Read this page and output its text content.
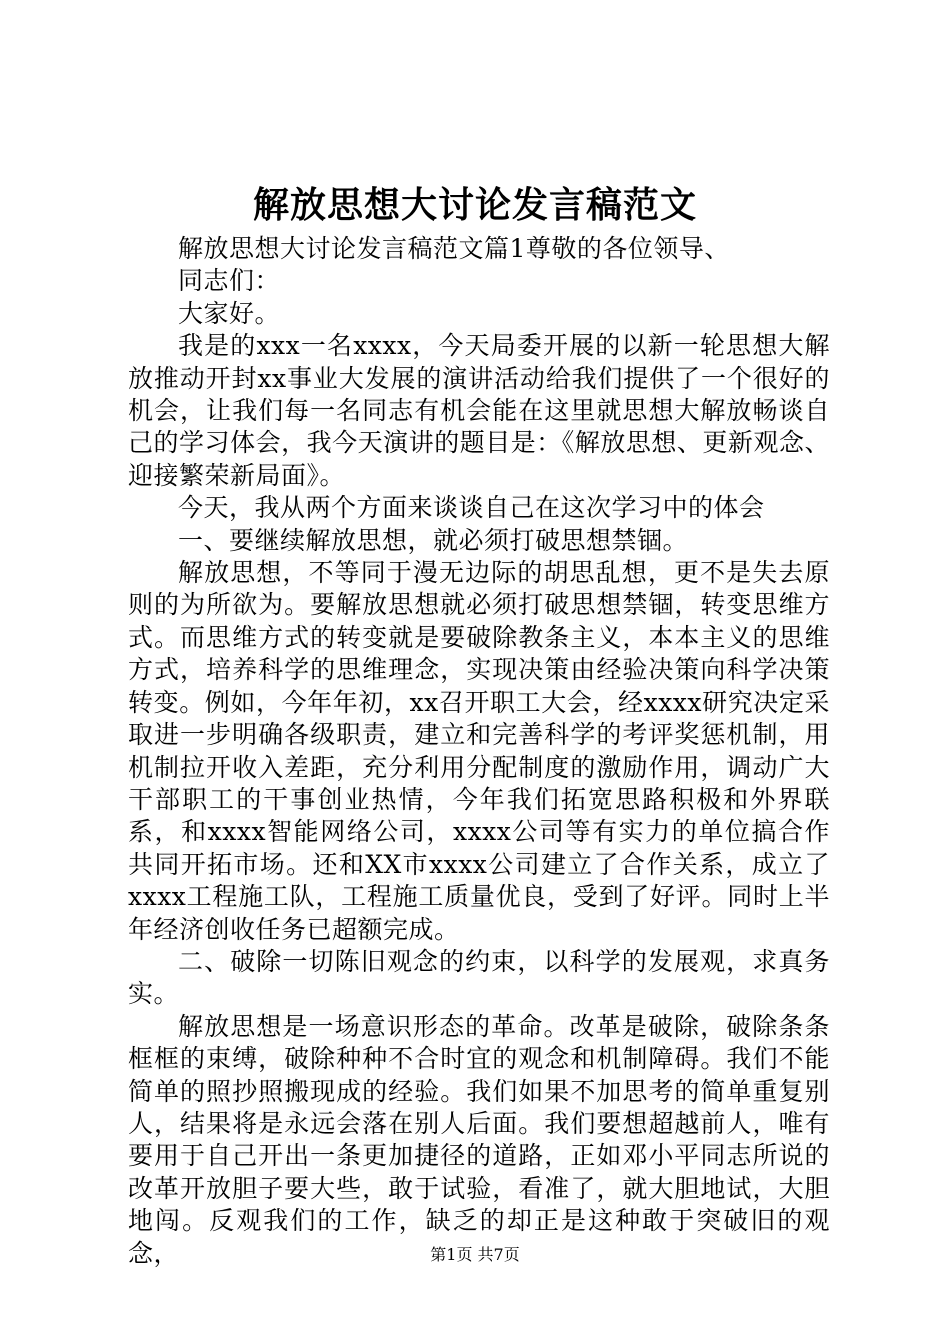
解放思想大讨论发言稿范文

解放思想大讨论发言稿范文篇1尊敬的各位领导、

同志们：

大家好。

我是的xxx一名xxxx，今天局委开展的以新一轮思想大解放推动开封xx事业大发展的演讲活动给我们提供了一个很好的机会，让我们每一名同志有机会能在这里就思想大解放畅谈自己的学习体会，我今天演讲的题目是：《解放思想、更新观念、迎接繁荣新局面》。

今天，我从两个方面来谈谈自己在这次学习中的体会

一、要继续解放思想，就必须打破思想禁锢。

解放思想，不等同于漫无边际的胡思乱想，更不是失去原则的为所欲为。要解放思想就必须打破思想禁锢，转变思维方式。而思维方式的转变就是要破除教条主义，本本主义的思维方式，培养科学的思维理念，实现决策由经验决策向科学决策转变。例如，今年年初，xx召开职工大会，经xxxx研究决定采取进一步明确各级职责，建立和完善科学的考评奖惩机制，用机制拉开收入差距，充分利用分配制度的激励作用，调动广大干部职工的干事创业热情，今年我们拓宽思路积极和外界联系，和xxxx智能网络公司，xxxx公司等有实力的单位搞合作共同开拓市场。还和XX市xxxx公司建立了合作关系，成立了xxxx工程施工队，工程施工质量优良，受到了好评。同时上半年经济创收任务已超额完成。

二、破除一切陈旧观念的约束，以科学的发展观，求真务实。

解放思想是一场意识形态的革命。改革是破除，破除条条框框的束缚，破除种种不合时宜的观念和机制障碍。我们不能简单的照抄照搬现成的经验。我们如果不加思考的简单重复别人，结果将是永远会落在别人后面。我们要想超越前人，唯有要用于自己开出一条更加捷径的道路，正如邓小平同志所说的改革开放胆子要大些，敢于试验，看准了，就大胆地试，大胆地闯。反观我们的工作，缺乏的却正是这种敢于突破旧的观念，	第1页 共7页
